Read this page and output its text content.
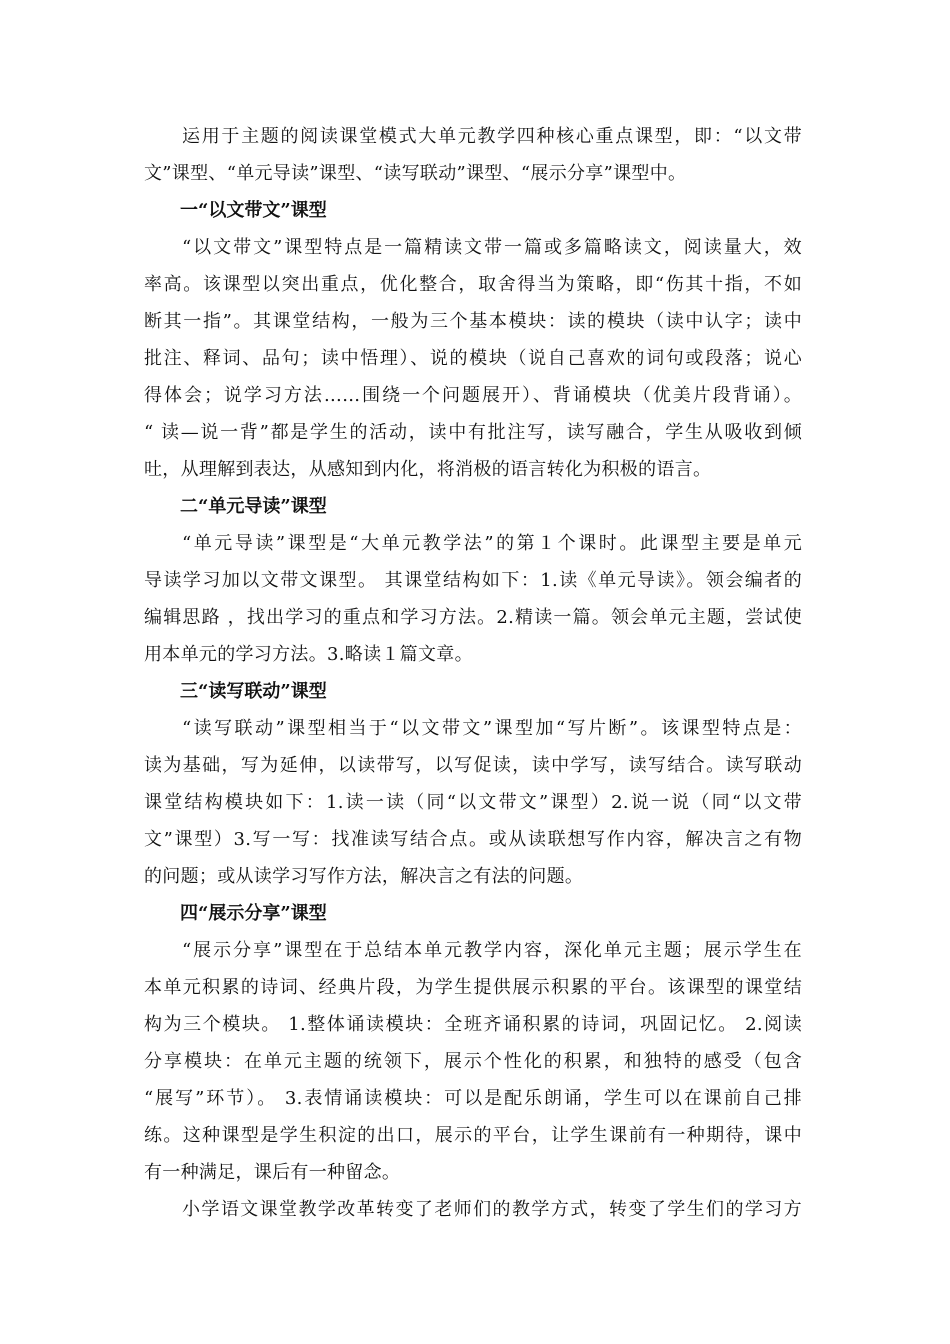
运用于主题的阅读课堂模式大单元教学四种核心重点课型，即：“以文带
文”课型、“单元导读”课型、“读写联动”课型、“展示分享”课型中。
一“以文带文”课型
“以文带文”课型特点是一篇精读文带一篇或多篇略读文，阅读量大，效
率高。该课型以突出重点，优化整合，取舍得当为策略，即“伤其十指，不如
断其一指”。其课堂结构，一般为三个基本模块：读的模块（读中认字；读中
批注、释词、品句；读中悟理）、说的模块（说自己喜欢的词句或段落；说心
得体会；说学习方法……围绕一个问题展开）、背诵模块（优美片段背诵）。
“ 读—说一背”都是学生的活动，读中有批注写，读写融合，学生从吸收到倾
吐，从理解到表达，从感知到内化，将消极的语言转化为积极的语言。
二“单元导读”课型
“单元导读”课型是“大单元教学法”的第１个课时。此课型主要是单元
导读学习加以文带文课型。 其课堂结构如下：1.读《单元导读》。领会编者的
编辑思路 ，找出学习的重点和学习方法。2.精读一篇。领会单元主题，尝试使
用本单元的学习方法。3.略读１篇文章。
三“读写联动”课型
“读写联动”课型相当于“以文带文”课型加“写片断”。该课型特点是：
读为基础，写为延伸，以读带写，以写促读，读中学写，读写结合。读写联动
课堂结构模块如下：1.读一读（同“以文带文”课型）2.说一说（同“以文带
文”课型）3.写一写：找准读写结合点。或从读联想写作内容，解决言之有物
的问题；或从读学习写作方法，解决言之有法的问题。
四“展示分享”课型
“展示分享”课型在于总结本单元教学内容，深化单元主题；展示学生在
本单元积累的诗词、经典片段，为学生提供展示积累的平台。该课型的课堂结
构为三个模块。 1.整体诵读模块：全班齐诵积累的诗词，巩固记忆。 2.阅读
分享模块：在单元主题的统领下，展示个性化的积累，和独特的感受（包含
“展写”环节）。 3.表情诵读模块：可以是配乐朗诵，学生可以在课前自己排
练。这种课型是学生积淀的出口，展示的平台，让学生课前有一种期待，课中
有一种满足，课后有一种留念。
小学语文课堂教学改革转变了老师们的教学方式，转变了学生们的学习方
